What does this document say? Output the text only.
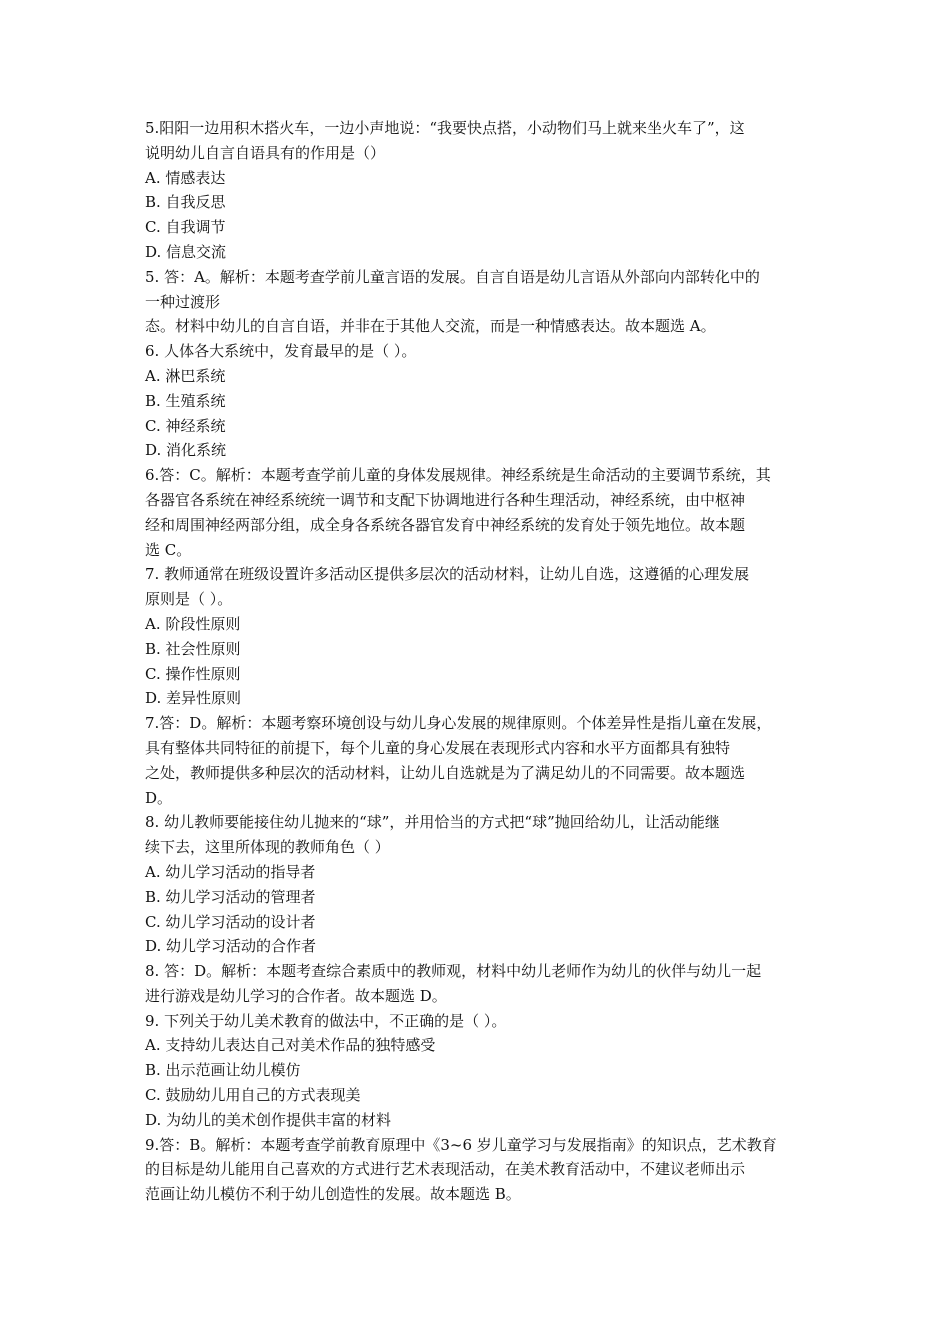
5.阳阳一边用积木搭火车，一边小声地说：“我要快点搭，小动物们马上就来坐火车了”，这
说明幼儿自言自语具有的作用是（）
A. 情感表达
B. 自我反思
C. 自我调节
D. 信息交流
5. 答：A。解析：本题考查学前儿童言语的发展。自言自语是幼儿言语从外部向内部转化中的
一种过渡形
态。材料中幼儿的自言自语，并非在于其他人交流，而是一种情感表达。故本题选 A。
6. 人体各大系统中，发育最早的是（ ）。
A. 淋巴系统
B. 生殖系统
C. 神经系统
D. 消化系统
6.答：C。解析：本题考查学前儿童的身体发展规律。神经系统是生命活动的主要调节系统，其
各器官各系统在神经系统统一调节和支配下协调地进行各种生理活动，神经系统，由中枢神
经和周围神经两部分组，成全身各系统各器官发育中神经系统的发育处于领先地位。故本题
选 C。
7. 教师通常在班级设置许多活动区提供多层次的活动材料，让幼儿自选，这遵循的心理发展
原则是（ ）。
A. 阶段性原则
B. 社会性原则
C. 操作性原则
D. 差异性原则
7.答：D。解析：本题考察环境创设与幼儿身心发展的规律原则。个体差异性是指儿童在发展，
具有整体共同特征的前提下，每个儿童的身心发展在表现形式内容和水平方面都具有独特
之处，教师提供多种层次的活动材料，让幼儿自选就是为了满足幼儿的不同需要。故本题选
D。
8. 幼儿教师要能接住幼儿抛来的“球”，并用恰当的方式把“球”抛回给幼儿，让活动能继
续下去，这里所体现的教师角色（ ）
A. 幼儿学习活动的指导者
B. 幼儿学习活动的管理者
C. 幼儿学习活动的设计者
D. 幼儿学习活动的合作者
8. 答：D。解析：本题考查综合素质中的教师观，材料中幼儿老师作为幼儿的伙伴与幼儿一起
进行游戏是幼儿学习的合作者。故本题选 D。
9. 下列关于幼儿美术教育的做法中，不正确的是（ ）。
A. 支持幼儿表达自己对美术作品的独特感受
B. 出示范画让幼儿模仿
C. 鼓励幼儿用自己的方式表现美
D. 为幼儿的美术创作提供丰富的材料
9.答：B。解析：本题考查学前教育原理中《3~6 岁儿童学习与发展指南》的知识点，艺术教育
的目标是幼儿能用自己喜欢的方式进行艺术表现活动，在美术教育活动中，不建议老师出示
范画让幼儿模仿不利于幼儿创造性的发展。故本题选 B。
